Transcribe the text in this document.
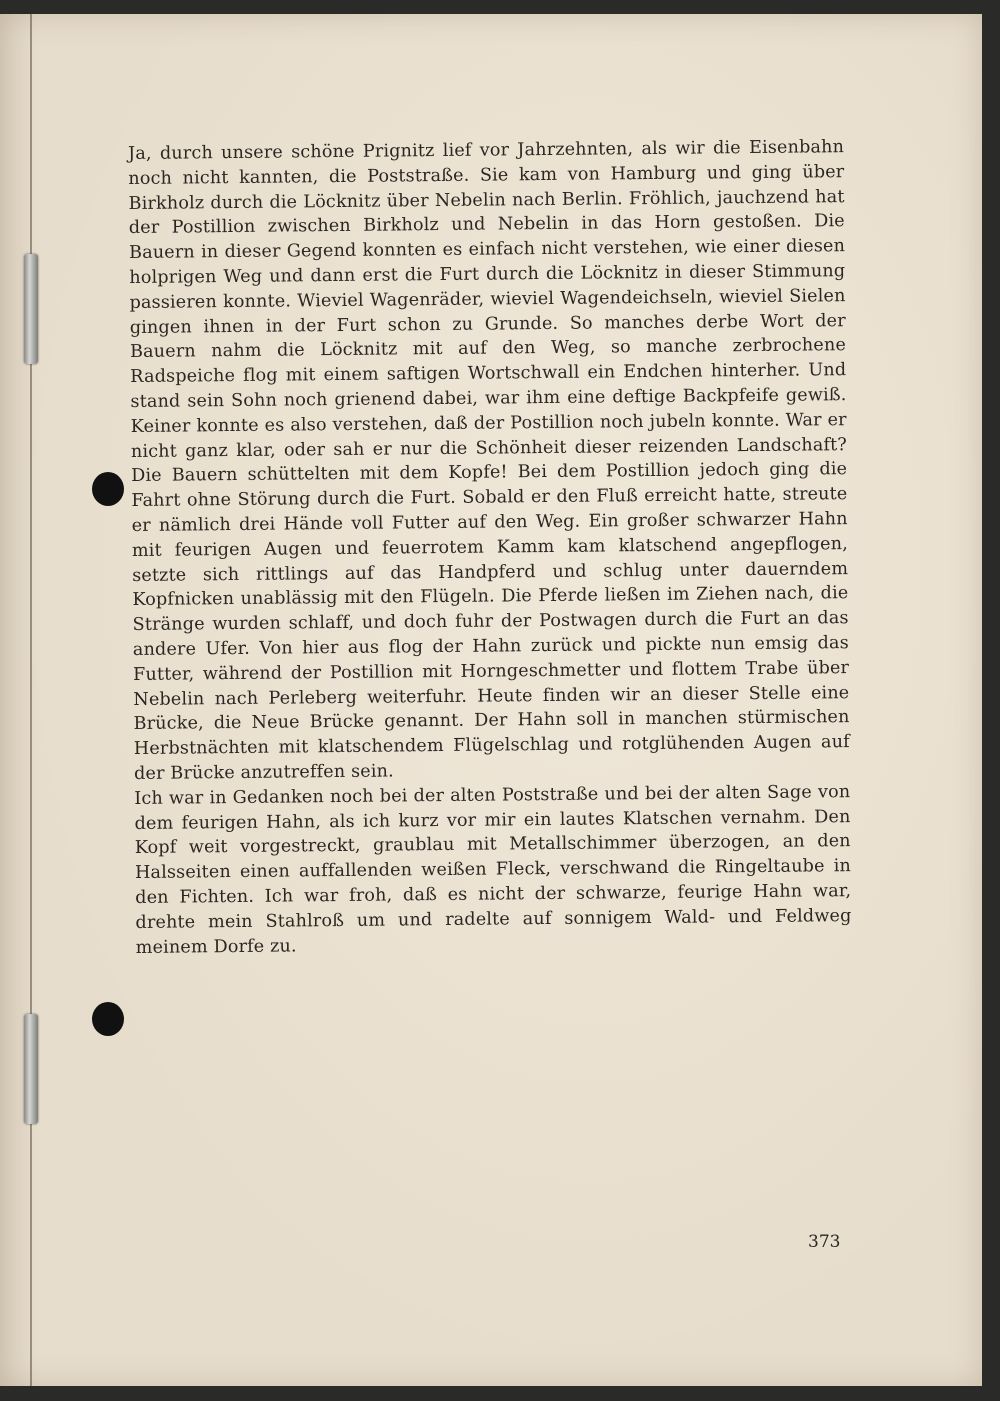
Ja, durch unsere schöne Prignitz lief vor Jahrzehnten, als wir die Eisenbahn noch nicht kannten, die Poststraße. Sie kam von Hamburg und ging über Birkholz durch die Löcknitz über Nebelin nach Berlin. Fröhlich, jauchzend hat der Postillion zwischen Birkholz und Nebelin in das Horn gestoßen. Die Bauern in dieser Gegend konnten es einfach nicht verstehen, wie einer diesen holprigen Weg und dann erst die Furt durch die Löcknitz in dieser Stimmung passieren konnte. Wieviel Wagenräder, wieviel Wagendeichseln, wieviel Sielen gingen ihnen in der Furt schon zu Grunde. So manches derbe Wort der Bauern nahm die Löcknitz mit auf den Weg, so manche zerbrochene Radspeiche flog mit einem saftigen Wortschwall ein Endchen hinterher. Und stand sein Sohn noch grienend dabei, war ihm eine deftige Backpfeife gewiß. Keiner konnte es also verstehen, daß der Postillion noch jubeln konnte. War er nicht ganz klar, oder sah er nur die Schönheit dieser reizenden Landschaft? Die Bauern schüttelten mit dem Kopfe! Bei dem Postillion jedoch ging die Fahrt ohne Störung durch die Furt. Sobald er den Fluß erreicht hatte, streute er nämlich drei Hände voll Futter auf den Weg. Ein großer schwarzer Hahn mit feurigen Augen und feuerrotem Kamm kam klatschend angepflogen, setzte sich rittlings auf das Handpferd und schlug unter dauerndem Kopfnicken unablässig mit den Flügeln. Die Pferde ließen im Ziehen nach, die Stränge wurden schlaff, und doch fuhr der Postwagen durch die Furt an das andere Ufer. Von hier aus flog der Hahn zurück und pickte nun emsig das Futter, während der Postillion mit Horngeschmetter und flottem Trabe über Nebelin nach Perleberg weiterfuhr. Heute finden wir an dieser Stelle eine Brücke, die Neue Brücke genannt. Der Hahn soll in manchen stürmischen Herbstnächten mit klatschendem Flügelschlag und rotglühenden Augen auf der Brücke anzutreffen sein.

Ich war in Gedanken noch bei der alten Poststraße und bei der alten Sage von dem feurigen Hahn, als ich kurz vor mir ein lautes Klatschen vernahm. Den Kopf weit vorgestreckt, graublau mit Metallschimmer überzogen, an den Halsseiten einen auffallenden weißen Fleck, verschwand die Ringeltaube in den Fichten. Ich war froh, daß es nicht der schwarze, feurige Hahn war, drehte mein Stahlroß um und radelte auf sonnigem Wald- und Feldweg meinem Dorfe zu.

373
